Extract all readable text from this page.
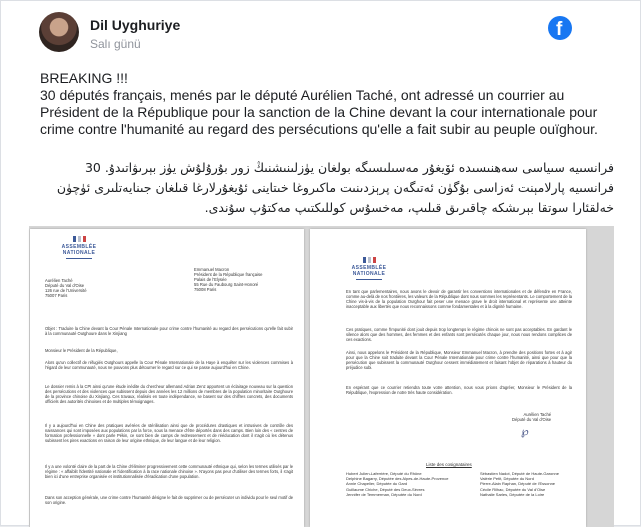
Dil Uyghuriye
Salı günü
f

BREAKING !!!

30 députés français, menés par le député Aurélien Taché, ont adressé un courrier au Président de la République pour la sanction de la Chine devant la cour internationale pour crime contre l'humanité au regard des persécutions qu'elle a fait subir au peuple ouïghour.

فرانسىيە سىياسى سەھنىسىدە ئۆيغۇر مەسىلىسىگە بولغان يۈزلىنىشنىڭ زور بۇرۇلۇش يۈز بېرىۋاتىدۇ. 30 فرانسىيە پارلامېنت ئەزاسى بۇگۈن ئەتىگەن پرېزدىنىت ماكىروغا خىتاينى ئۇيغۇرلارغا قىلغان جىنايەتلىرى ئۈچۈن خەلقئارا سوتقا بېرىشكە چاقىرىق قىلىپ، مەخسۇس كوللىكتىپ مەكتۇپ سۇندى.
ASSEMBLÉE
NATIONALE
Aurélien Taché
Député du Val d'Oise
126 rue de l'Université
75007 Paris
Emmanuel Macron
Président de la République française
Palais de l'Elysée
55 Rue du Faubourg Saint-Honoré
75008 Paris
Objet : Traduire la Chine devant la Cour Pénale Internationale pour crime contre l'humanité au regard des persécutions qu'elle fait subir à la communauté Ouïghoure dans le Xinjiang
Monsieur le Président de la République,
Alors qu'un collectif de réfugiés Ouïghours appelle la Cour Pénale Internationale de la Haye à enquêter sur les violences commises à l'égard de leur communauté, nous ne pouvons plus détourner le regard sur ce qui se passe aujourd'hui en Chine.
Le dossier remis à la CPI ainsi qu'une étude inédite du chercheur allemand Adrian Zenz apportent un éclairage nouveau sur la question des persécutions et des violences que subissent depuis des années les 12 millions de membres de la population minoritaire Ouïghoure de la province chinoise du Xinjiang. Ces travaux, réalisés en toute indépendance, se basent sur des chiffres concrets, des documents officiels des autorités chinoises et de multiples témoignages.
Il y a aujourd'hui en Chine des pratiques avérées de stérilisation ainsi que de procédures drastiques et intrusives de contrôle des naissances qui sont imposées aux populations par la force, sous la menace d'être déportés dans des camps. Bien loin des « centres de formation professionnelle » dont parle Pékin, ce sont bien de camps de redressement et de rééducation dont il s'agit où les détenus subissent les pires exactions en raison de leur origine ethnique, de leur langue et de leur religion.
Il y a une volonté claire de la part de la Chine d'éliminer progressivement cette communauté ethnique qui, selon les termes utilisés par le régime : « affaiblit l'identité nationale et l'identification à la race nationale chinoise ». N'ayons pas peur d'utiliser des termes forts, il s'agit bien ici d'une entreprise organisée et institutionnalisée d'éradication d'une population.
Dans son acception générale, une crime contre l'humanité désigne le fait de supprimer ou de persécuter un individu pour le seul motif de son origine.
ASSEMBLÉE
NATIONALE
En tant que parlementaires, nous avons le devoir de garantir les conventions internationales et de défendre en France, comme au-delà de nos frontières, les valeurs de la République dont nous sommes les représentants. Le comportement de la Chine vis-à-vis de la population Ouïghour fait peser une menace grave le droit international et représente une atteinte inacceptable aux libertés que nous reconnaissons comme fondamentales et à la dignité humaine.
Ces pratiques, comme l'impunité dont jouit depuis trop longtemps le régime chinois ne sont pas acceptables. En gardant le silence alors que des hommes, des femmes et des enfants sont persécutés chaque jour, nous nous rendons complices de ces exactions.
Ainsi, nous appelons le Président de la République, Monsieur Emmanuel Macron, à prendre des positions fortes et à agir pour que la Chine soit traduite devant la Cour Pénale Internationale pour crime contre l'humanité, ainsi que pour que la persécution que subissent la communauté Ouïghour cessent immédiatement et faisant l'objet de réparations à hauteur du préjudice subi.
En espérant que ce courrier retiendra toute votre attention, nous vous prions d'agréer, Monsieur le Président de la République, l'expression de notre très haute considération.
Aurélien Taché
Député du Val d'Oise
℘
Liste des cosignataires
Hubert Julien-Laferrière, Député du Rhône
Delphine Bagarry, Députée des Alpes-de-Haute-Provence
Annie Chapelier, Députée du Gard
Guillaume Chiche, Député des Deux-Sèvres
Jennifer de Temmerman, Députée du Nord
Sébastien Nadot, Député de Haute-Garonne
Valérie Petit, Députée du Nord
Pierre-Alain Raphan, Député de l'Essonne
Cécile Rilhac, Députée du Val d'Oise
Nathalie Sarles, Députée de la Loire
